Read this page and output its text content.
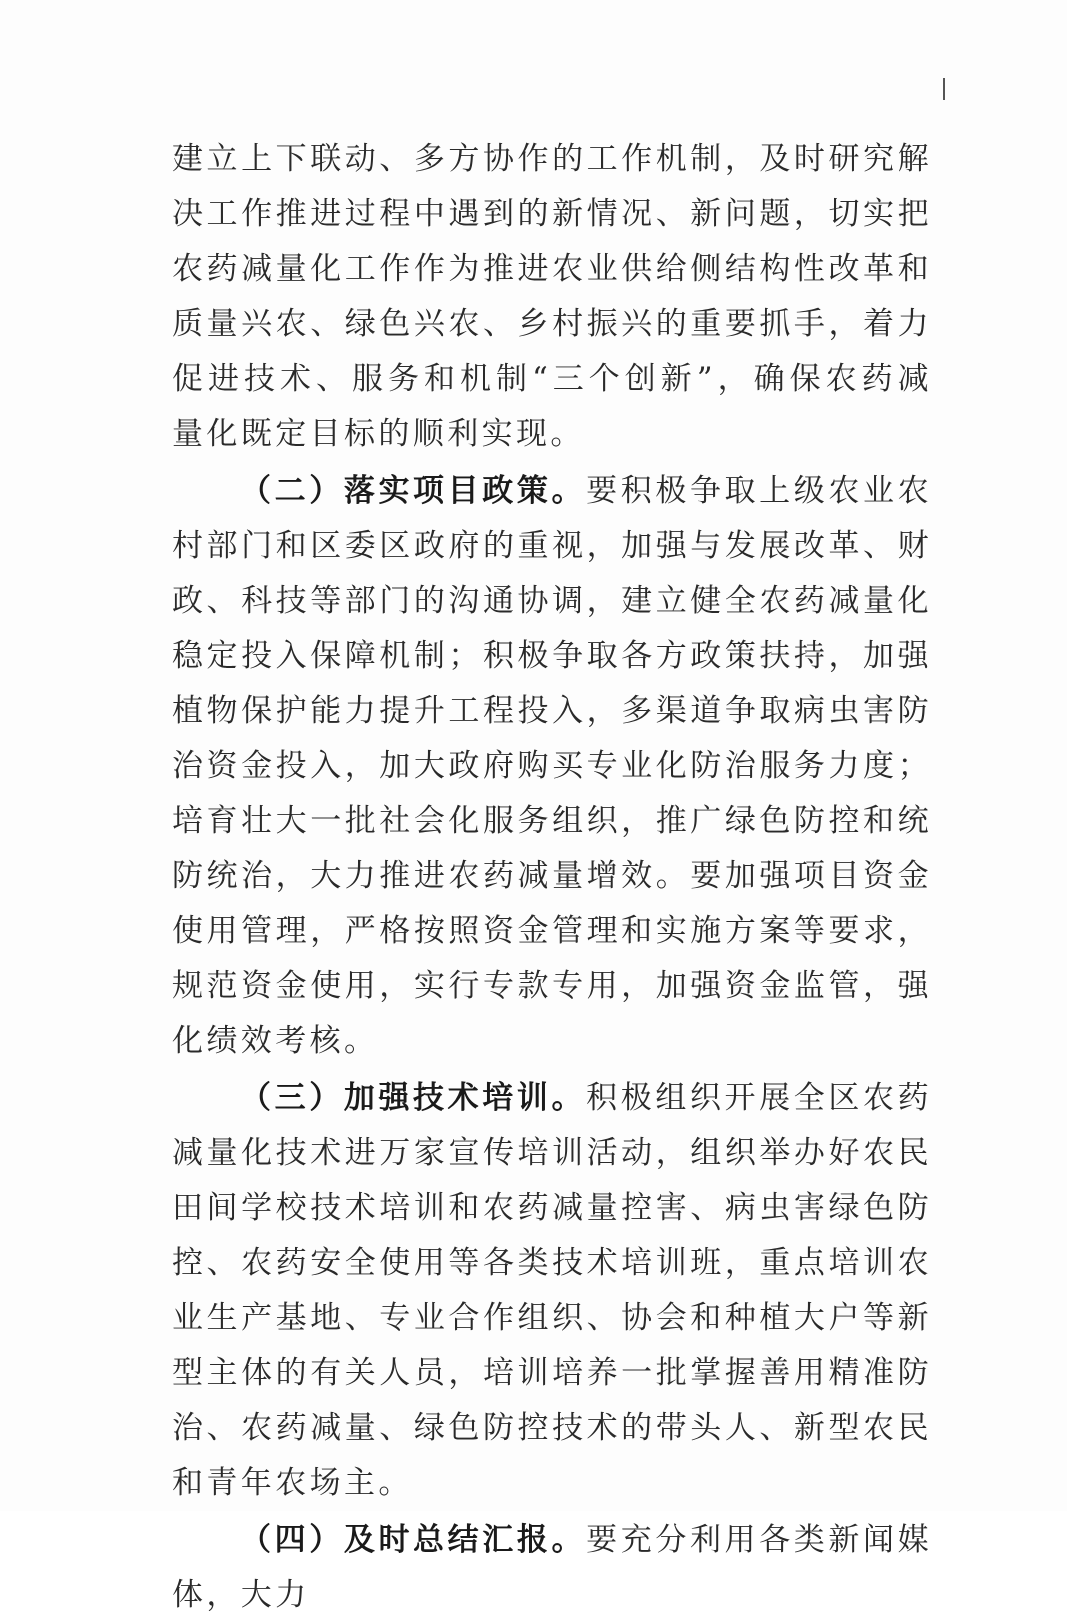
建立上下联动、多方协作的工作机制，及时研究解决工作推进过程中遇到的新情况、新问题，切实把农药减量化工作作为推进农业供给侧结构性改革和质量兴农、绿色兴农、乡村振兴的重要抓手，着力促进技术、服务和机制“三个创新”，确保农药减量化既定目标的顺利实现。

（二）落实项目政策。要积极争取上级农业农村部门和区委区政府的重视，加强与发展改革、财政、科技等部门的沟通协调，建立健全农药减量化稳定投入保障机制；积极争取各方政策扶持，加强植物保护能力提升工程投入，多渠道争取病虫害防治资金投入，加大政府购买专业化防治服务力度；培育壮大一批社会化服务组织，推广绿色防控和统防统治，大力推进农药减量增效。要加强项目资金使用管理，严格按照资金管理和实施方案等要求，规范资金使用，实行专款专用，加强资金监管，强化绩效考核。

（三）加强技术培训。积极组织开展全区农药减量化技术进万家宣传培训活动，组织举办好农民田间学校技术培训和农药减量控害、病虫害绿色防控、农药安全使用等各类技术培训班，重点培训农业生产基地、专业合作组织、协会和种植大户等新型主体的有关人员，培训培养一批掌握善用精准防治、农药减量、绿色防控技术的带头人、新型农民和青年农场主。

（四）及时总结汇报。要充分利用各类新闻媒体，大力
